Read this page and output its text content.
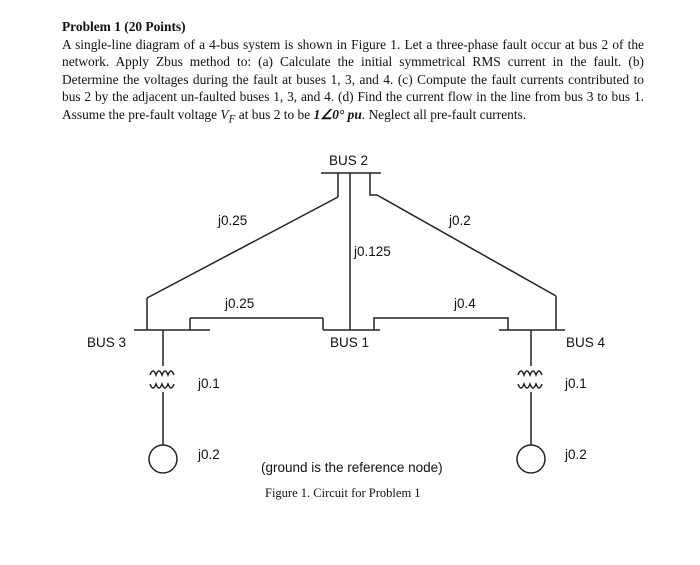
Problem 1 (20 Points)

A single-line diagram of a 4-bus system is shown in Figure 1. Let a three-phase fault occur at bus 2 of the network. Apply Zbus method to: (a) Calculate the initial symmetrical RMS current in the fault. (b) Determine the voltages during the fault at buses 1, 3, and 4. (c) Compute the fault currents contributed to bus 2 by the adjacent un-faulted buses 1, 3, and 4. (d) Find the current flow in the line from bus 3 to bus 1. Assume the pre-fault voltage $V_F$ at bus 2 to be 1∠0° pu. Neglect all pre-fault currents.

BUS 2
BUS 1
BUS 3	BUS 4
j0.25	j0.2
j0.125
j0.25	j0.4
j0.1
j0.2
j0.1
j0.2
(ground is the reference node)
Figure 1. Circuit for Problem 1
